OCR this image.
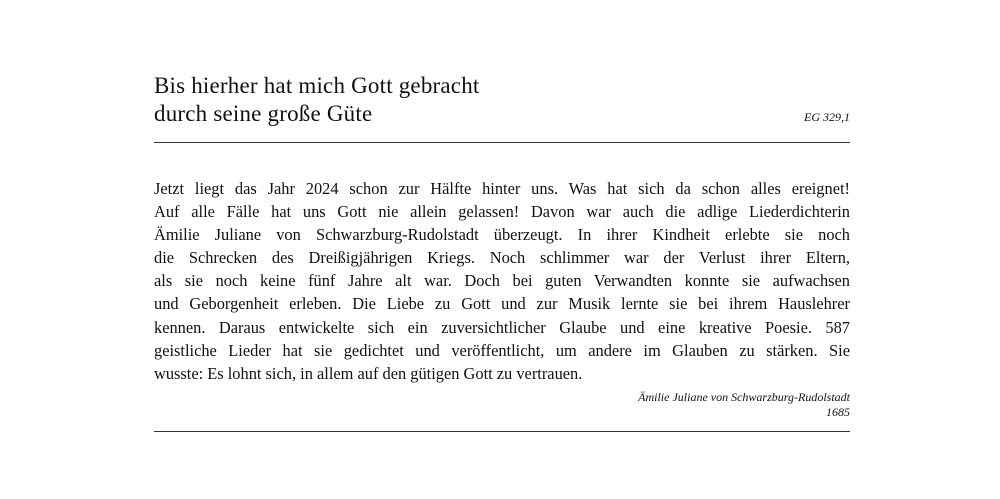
Bis hierher hat mich Gott gebracht
durch seine große Güte	EG 329,1
Jetzt liegt das Jahr 2024 schon zur Hälfte hinter uns. Was hat sich da schon alles ereignet!
Auf alle Fälle hat uns Gott nie allein gelassen! Davon war auch die adlige Liederdichterin
Ämilie Juliane von Schwarzburg-Rudolstadt überzeugt. In ihrer Kindheit erlebte sie noch
die Schrecken des Dreißigjährigen Kriegs. Noch schlimmer war der Verlust ihrer Eltern,
als sie noch keine fünf Jahre alt war. Doch bei guten Verwandten konnte sie aufwachsen
und Geborgenheit erleben. Die Liebe zu Gott und zur Musik lernte sie bei ihrem Hauslehrer
kennen. Daraus entwickelte sich ein zuversichtlicher Glaube und eine kreative Poesie. 587
geistliche Lieder hat sie gedichtet und veröffentlicht, um andere im Glauben zu stärken. Sie
wusste: Es lohnt sich, in allem auf den gütigen Gott zu vertrauen.
Ämilie Juliane von Schwarzburg-Rudolstadt
1685
